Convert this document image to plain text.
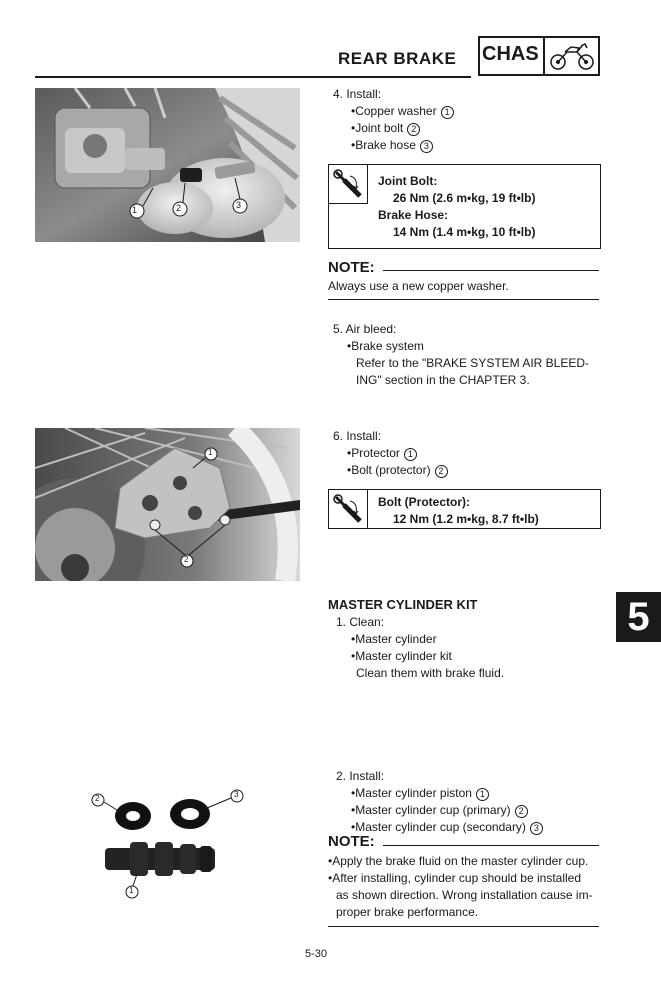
REAR BRAKE CHAS
1	2	3
4. Install:
•Copper washer 1
•Joint bolt 2
•Brake hose 3
Joint Bolt:
26 Nm (2.6 m•kg, 19 ft•lb)
Brake Hose:
14 Nm (1.4 m•kg, 10 ft•lb)
NOTE:
Always use a new copper washer.
5. Air bleed:
•Brake system
Refer to the "BRAKE SYSTEM AIR BLEED-
ING" section in the CHAPTER 3.
1
2
6. Install:
•Protector 1
•Bolt (protector) 2
Bolt (Protector):
12 Nm (1.2 m•kg, 8.7 ft•lb)
MASTER CYLINDER KIT
1. Clean:
•Master cylinder
•Master cylinder kit
Clean them with brake fluid.
5
2	3
1
2. Install:
•Master cylinder piston 1
•Master cylinder cup (primary) 2
•Master cylinder cup (secondary) 3
NOTE:
•Apply the brake fluid on the master cylinder cup.
•After installing, cylinder cup should be installed
as shown direction. Wrong installation cause im-
proper brake performance.
5-30
